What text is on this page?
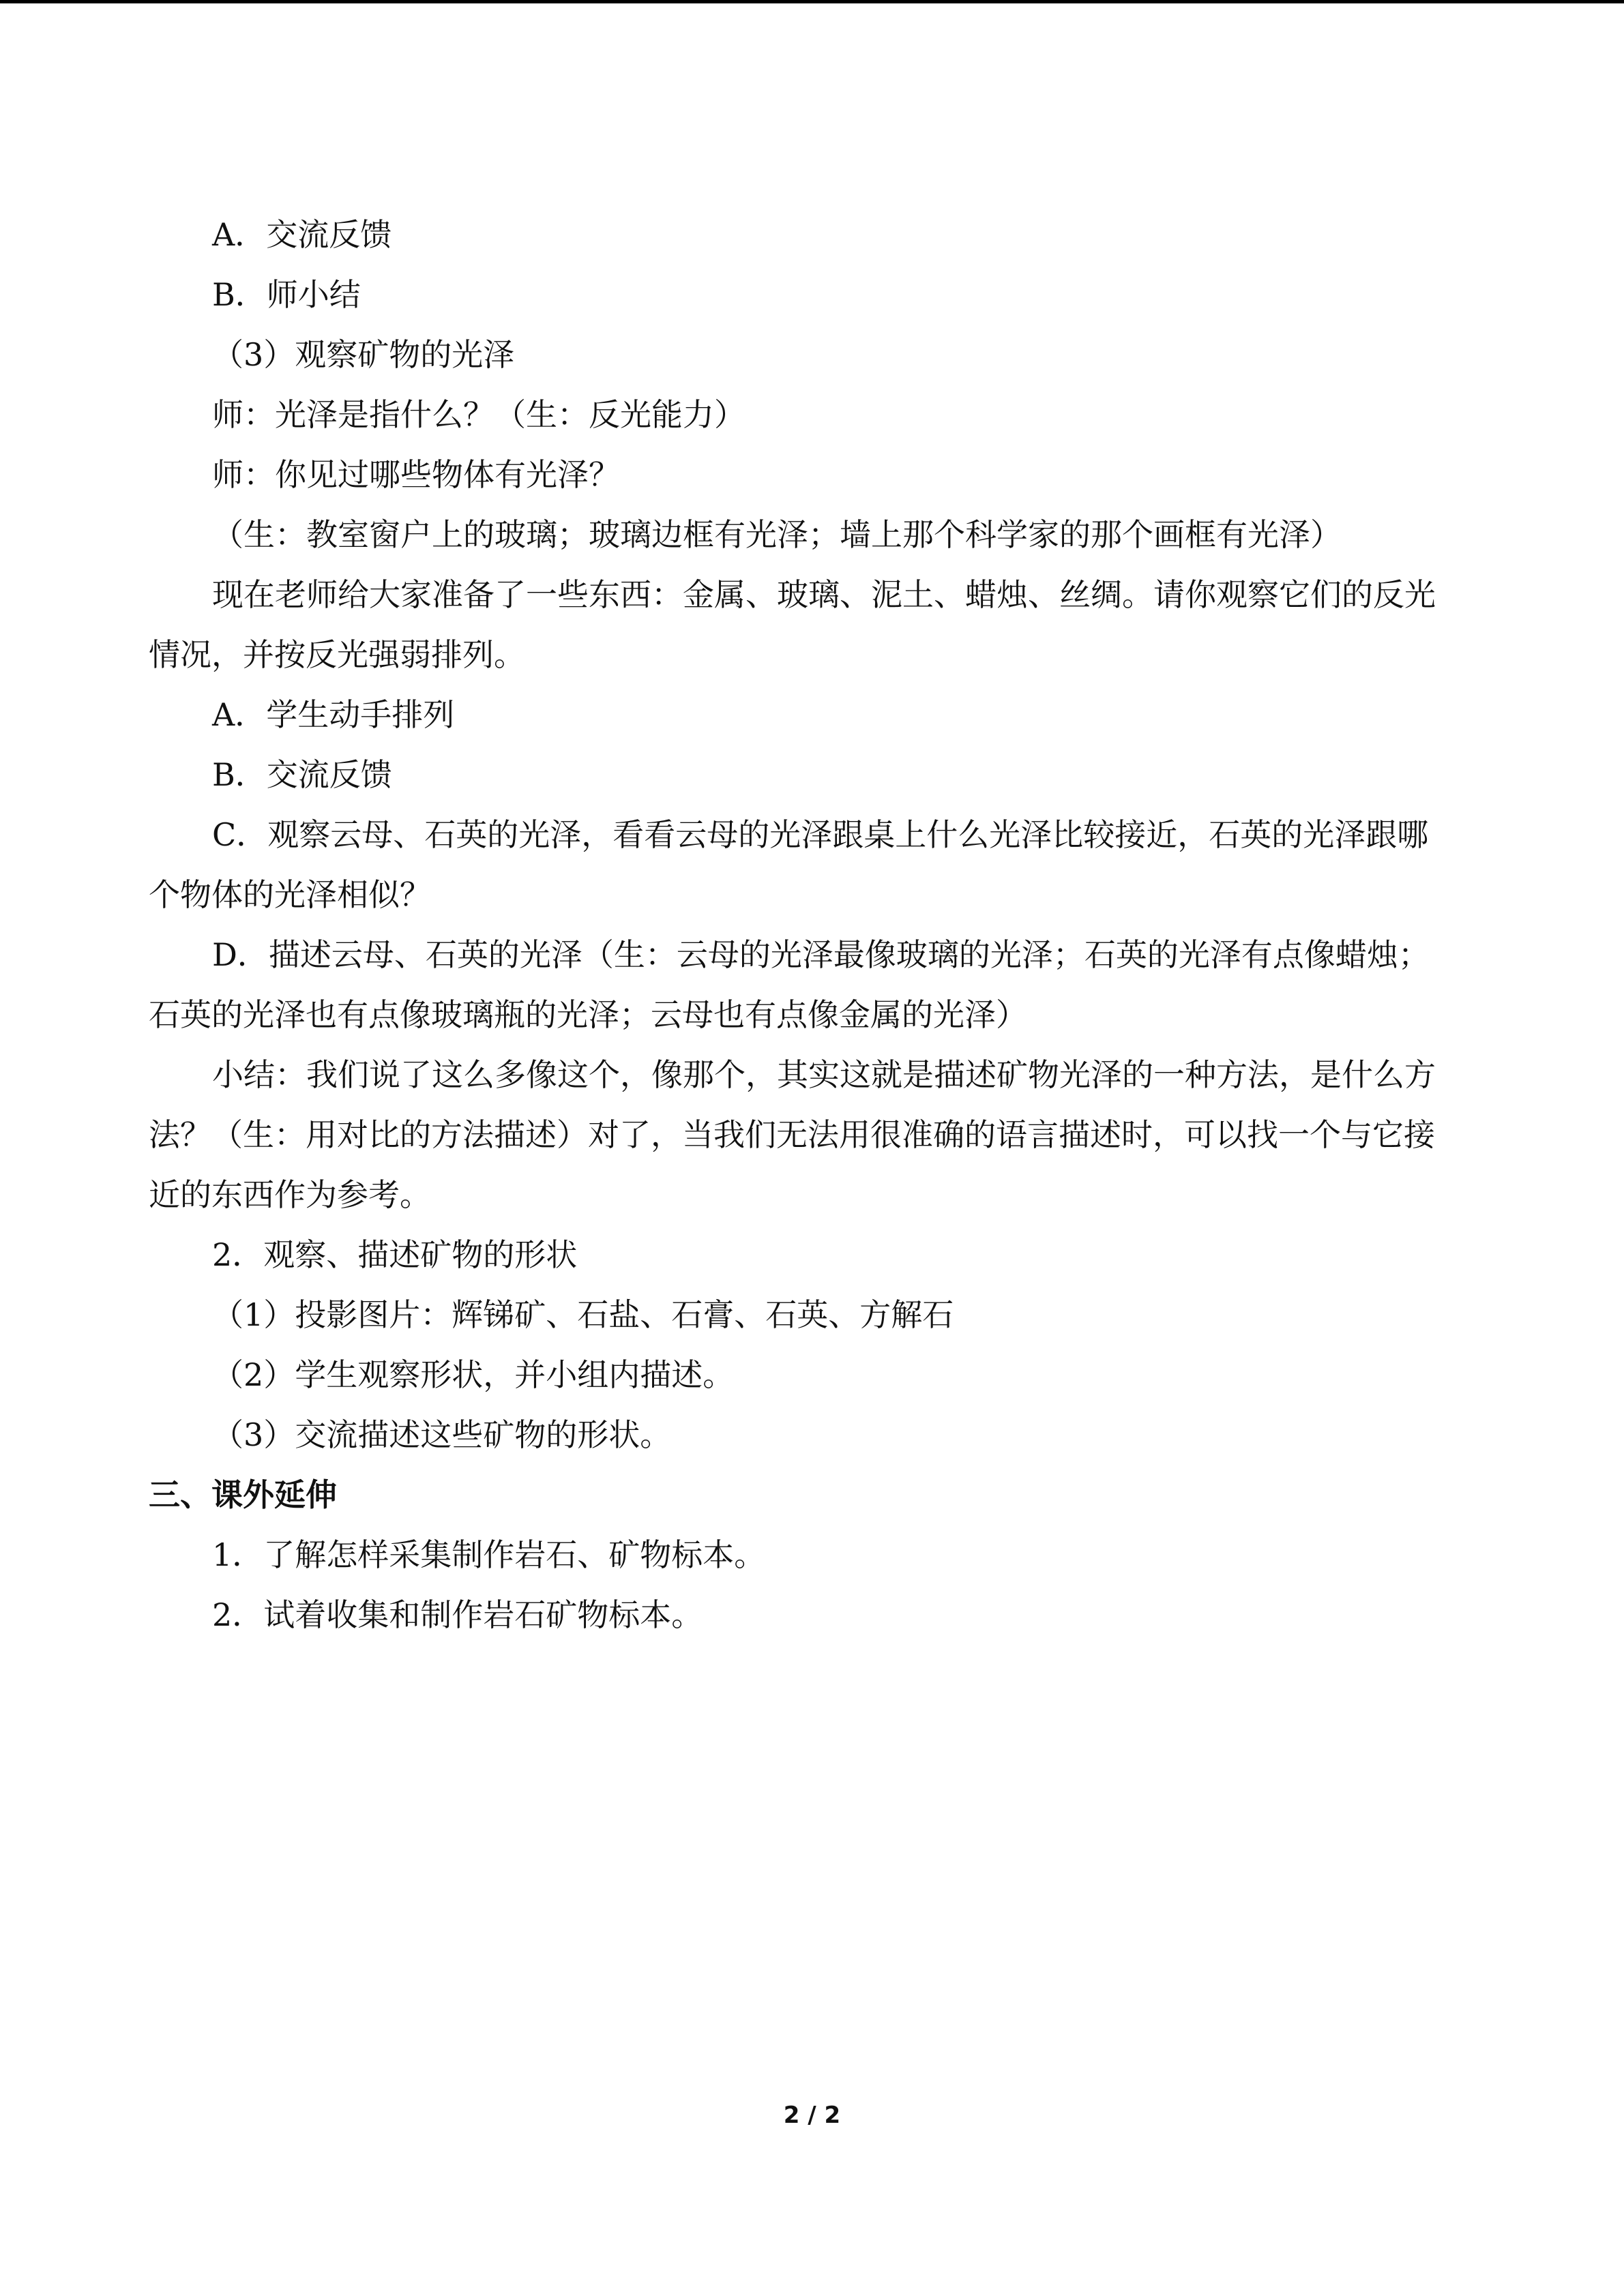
A．交流反馈

B．师小结

（3）观察矿物的光泽

师：光泽是指什么？（生：反光能力）

师：你见过哪些物体有光泽？

（生：教室窗户上的玻璃；玻璃边框有光泽；墙上那个科学家的那个画框有光泽）

现在老师给大家准备了一些东西：金属、玻璃、泥土、蜡烛、丝绸。请你观察它们的反光情况，并按反光强弱排列。

A．学生动手排列

B．交流反馈

C．观察云母、石英的光泽，看看云母的光泽跟桌上什么光泽比较接近，石英的光泽跟哪个物体的光泽相似？

D．描述云母、石英的光泽（生：云母的光泽最像玻璃的光泽；石英的光泽有点像蜡烛；石英的光泽也有点像玻璃瓶的光泽；云母也有点像金属的光泽）

小结：我们说了这么多像这个，像那个，其实这就是描述矿物光泽的一种方法，是什么方法？（生：用对比的方法描述）对了，当我们无法用很准确的语言描述时，可以找一个与它接近的东西作为参考。

2．观察、描述矿物的形状

（1）投影图片：辉锑矿、石盐、石膏、石英、方解石

（2）学生观察形状，并小组内描述。

（3）交流描述这些矿物的形状。

三、课外延伸

1．了解怎样采集制作岩石、矿物标本。

2．试着收集和制作岩石矿物标本。

2 / 2
